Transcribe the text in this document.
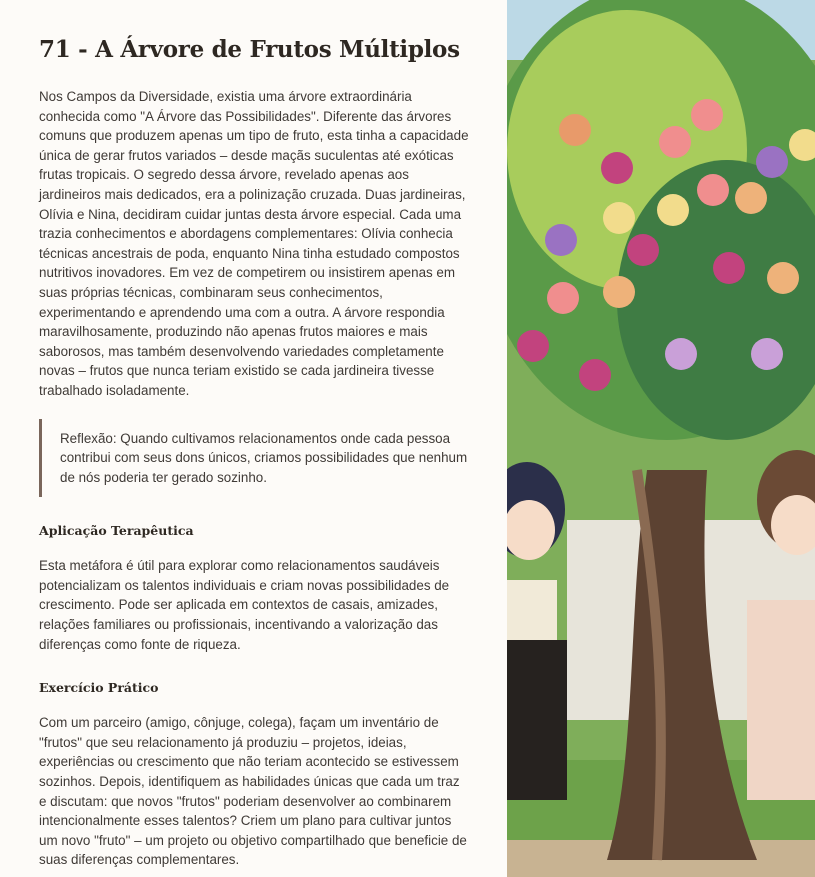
71 - A Árvore de Frutos Múltiplos

Nos Campos da Diversidade, existia uma árvore extraordinária conhecida como "A Árvore das Possibilidades". Diferente das árvores comuns que produzem apenas um tipo de fruto, esta tinha a capacidade única de gerar frutos variados – desde maçãs suculentas até exóticas frutas tropicais. O segredo dessa árvore, revelado apenas aos jardineiros mais dedicados, era a polinização cruzada. Duas jardineiras, Olívia e Nina, decidiram cuidar juntas desta árvore especial. Cada uma trazia conhecimentos e abordagens complementares: Olívia conhecia técnicas ancestrais de poda, enquanto Nina tinha estudado compostos nutritivos inovadores. Em vez de competirem ou insistirem apenas em suas próprias técnicas, combinaram seus conhecimentos, experimentando e aprendendo uma com a outra. A árvore respondia maravilhosamente, produzindo não apenas frutos maiores e mais saborosos, mas também desenvolvendo variedades completamente novas – frutos que nunca teriam existido se cada jardineira tivesse trabalhado isoladamente.

Reflexão: Quando cultivamos relacionamentos onde cada pessoa contribui com seus dons únicos, criamos possibilidades que nenhum de nós poderia ter gerado sozinho.

Aplicação Terapêutica

Esta metáfora é útil para explorar como relacionamentos saudáveis potencializam os talentos individuais e criam novas possibilidades de crescimento. Pode ser aplicada em contextos de casais, amizades, relações familiares ou profissionais, incentivando a valorização das diferenças como fonte de riqueza.

Exercício Prático

Com um parceiro (amigo, cônjuge, colega), façam um inventário de "frutos" que seu relacionamento já produziu – projetos, ideias, experiências ou crescimento que não teriam acontecido se estivessem sozinhos. Depois, identifiquem as habilidades únicas que cada um traz e discutam: que novos "frutos" poderiam desenvolver ao combinarem intencionalmente esses talentos? Criem um plano para cultivar juntos um novo "fruto" – um projeto ou objetivo compartilhado que beneficie de suas diferenças complementares.
